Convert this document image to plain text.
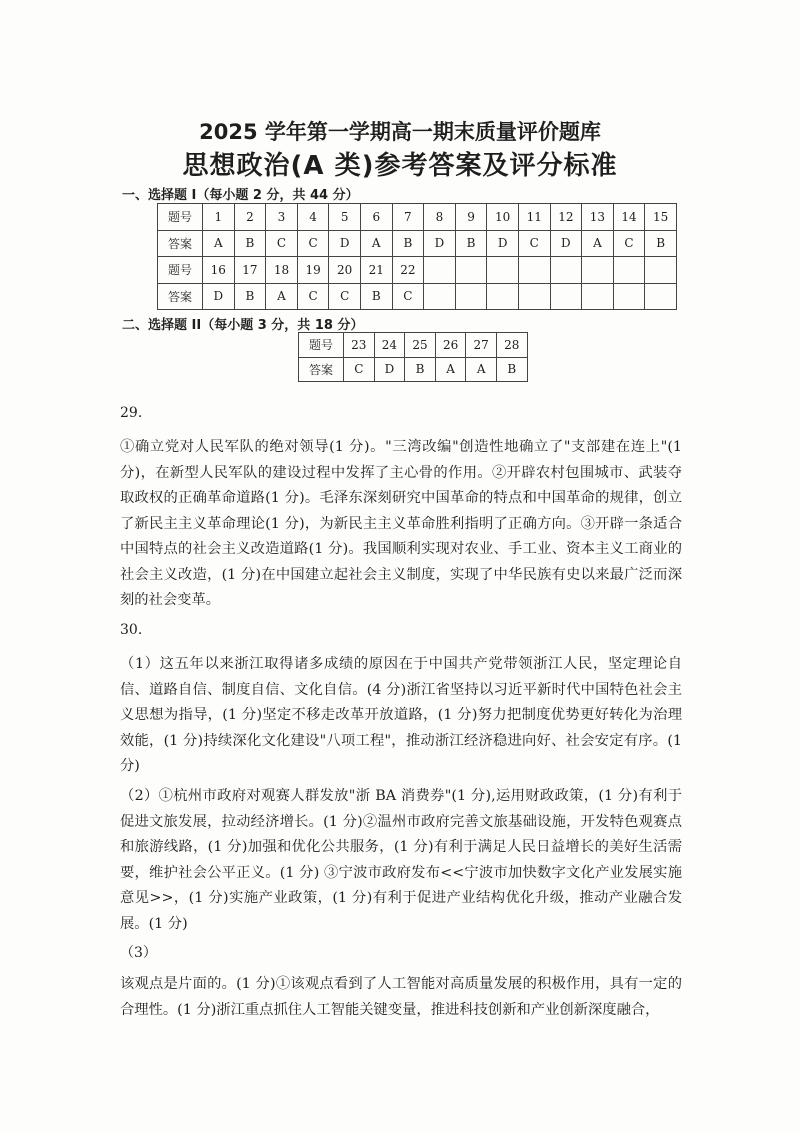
2025 学年第一学期高一期末质量评价题库
思想政治(A 类)参考答案及评分标准
一、选择题 I（每小题 2 分，共 44 分）
题号	1	2	3	4	5	6	7	8	9	10	11	12	13	14	15
答案	A	B	C	C	D	A	B	D	B	D	C	D	A	C	B
题号	16	17	18	19	20	21	22								
答案	D	B	A	C	C	B	C								
二、选择题 II（每小题 3 分，共 18 分）
题号	23	24	25	26	27	28
答案	C	D	B	A	A	B
29.
①确立党对人民军队的绝对领导(1 分)。"三湾改编"创造性地确立了"支部建在连上"(1 分)，在新型人民军队的建设过程中发挥了主心骨的作用。②开辟农村包围城市、武装夺取政权的正确革命道路(1 分)。毛泽东深刻研究中国革命的特点和中国革命的规律，创立了新民主主义革命理论(1 分)，为新民主主义革命胜利指明了正确方向。③开辟一条适合中国特点的社会主义改造道路(1 分)。我国顺利实现对农业、手工业、资本主义工商业的社会主义改造，(1 分)在中国建立起社会主义制度，实现了中华民族有史以来最广泛而深刻的社会变革。
30.
（1）这五年以来浙江取得诸多成绩的原因在于中国共产党带领浙江人民，坚定理论自信、道路自信、制度自信、文化自信。(4 分)浙江省坚持以习近平新时代中国特色社会主义思想为指导，(1 分)坚定不移走改革开放道路，(1 分)努力把制度优势更好转化为治理效能，(1 分)持续深化文化建设"八项工程"，推动浙江经济稳进向好、社会安定有序。(1 分)
（2）①杭州市政府对观赛人群发放"浙 BA 消费券"(1 分),运用财政政策，(1 分)有利于促进文旅发展，拉动经济增长。(1 分)②温州市政府完善文旅基础设施，开发特色观赛点和旅游线路，(1 分)加强和优化公共服务，(1 分)有利于满足人民日益增长的美好生活需要，维护社会公平正义。(1 分) ③宁波市政府发布<<宁波市加快数字文化产业发展实施意见>>，(1 分)实施产业政策，(1 分)有利于促进产业结构优化升级，推动产业融合发展。(1 分)
（3）
该观点是片面的。(1 分)①该观点看到了人工智能对高质量发展的积极作用，具有一定的合理性。(1 分)浙江重点抓住人工智能关键变量，推进科技创新和产业创新深度融合，
